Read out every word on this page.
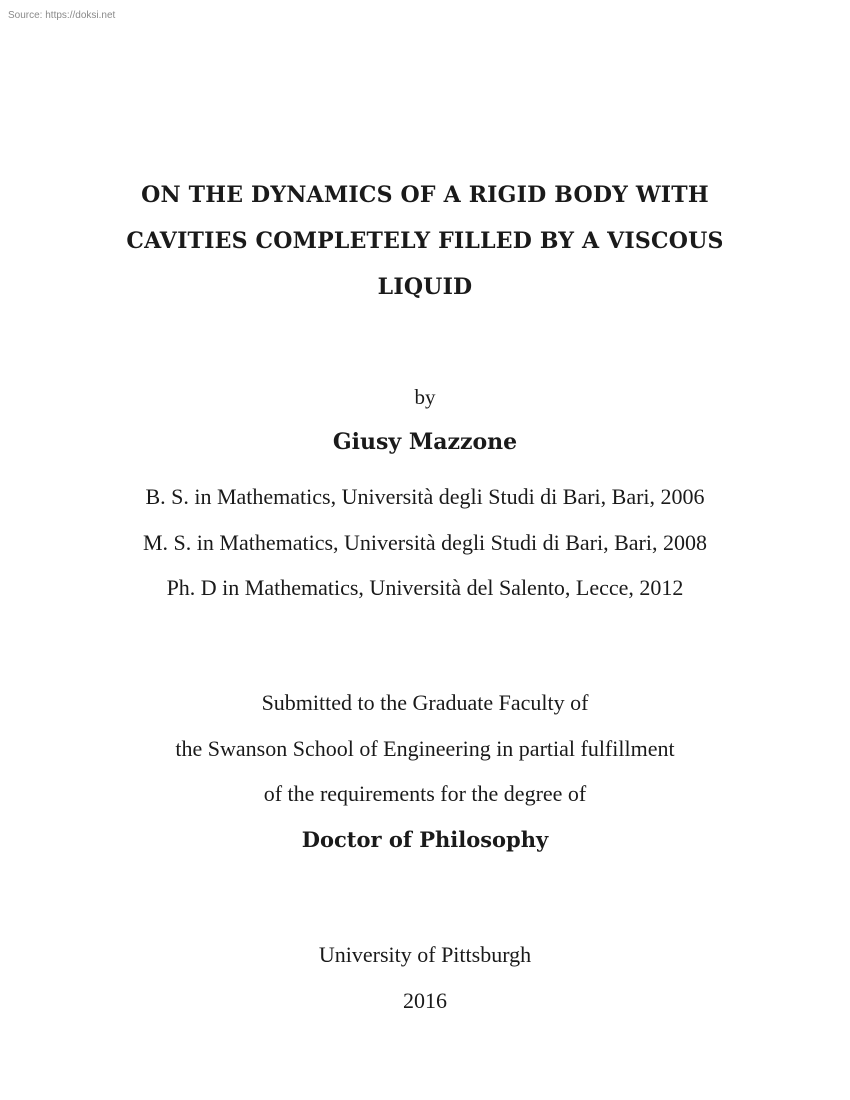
Source: https://doksi.net
ON THE DYNAMICS OF A RIGID BODY WITH
CAVITIES COMPLETELY FILLED BY A VISCOUS
LIQUID
by
Giusy Mazzone
B. S. in Mathematics, Università degli Studi di Bari, Bari, 2006
M. S. in Mathematics, Università degli Studi di Bari, Bari, 2008
Ph. D in Mathematics, Università del Salento, Lecce, 2012
Submitted to the Graduate Faculty of
the Swanson School of Engineering in partial fulfillment
of the requirements for the degree of
Doctor of Philosophy
University of Pittsburgh
2016
